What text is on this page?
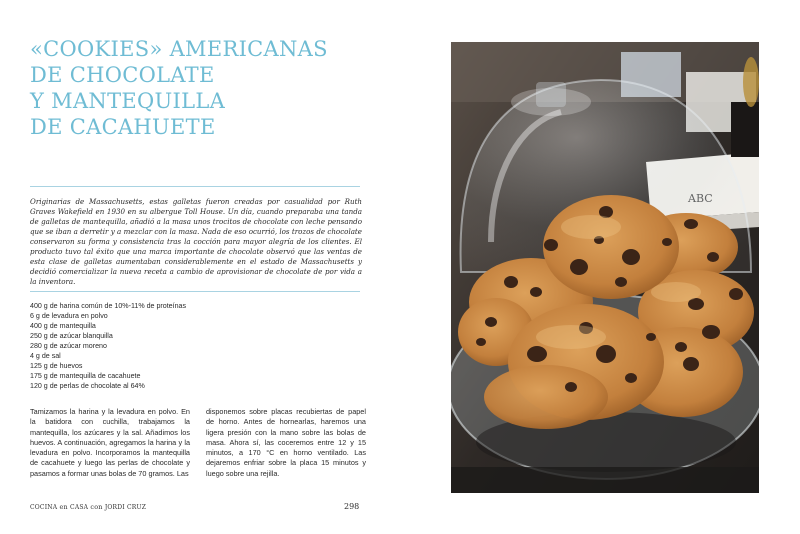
«COOKIES» AMERICANAS
DE CHOCOLATE
Y MANTEQUILLA
DE CACAHUETE

Originarias de Massachusetts, estas galletas fueron creadas por casualidad por Ruth Graves Wakefield en 1930 en su albergue Toll House. Un día, cuando preparaba una tanda de galletas de mantequilla, añadió a la masa unos trocitos de chocolate con leche pensando que se iban a derretir y a mezclar con la masa. Nada de eso ocurrió, los trozos de chocolate conservaron su forma y consistencia tras la cocción para mayor alegría de los clientes. El producto tuvo tal éxito que una marca importante de chocolate observó que las ventas de esta clase de galletas aumentaban considerablemente en el estado de Massachusetts y decidió comercializar la nueva receta a cambio de aprovisionar de chocolate de por vida a la inventora.

400 g de harina común de 10%-11% de proteínas
6 g de levadura en polvo
400 g de mantequilla
250 g de azúcar blanquilla
280 g de azúcar moreno
4 g de sal
125 g de huevos
175 g de mantequilla de cacahuete
120 g de perlas de chocolate al 64%

Tamizamos la harina y la levadura en polvo. En la batidora con cuchilla, trabajamos la mantequilla, los azúcares y la sal. Añadimos los huevos. A continuación, agregamos la harina y la levadura en polvo. Incorporamos la mantequilla de cacahuete y luego las perlas de chocolate y pasamos a formar unas bolas de 70 gramos. Las

disponemos sobre placas recubiertas de papel de horno. Antes de hornearlas, haremos una ligera presión con la mano sobre las bolas de masa. Ahora sí, las coceremos entre 12 y 15 minutos, a 170 °C en horno ventilado. Las dejaremos enfriar sobre la placa 15 minutos y luego sobre una rejilla.

COCINA en CASA con JORDI CRUZ	298
